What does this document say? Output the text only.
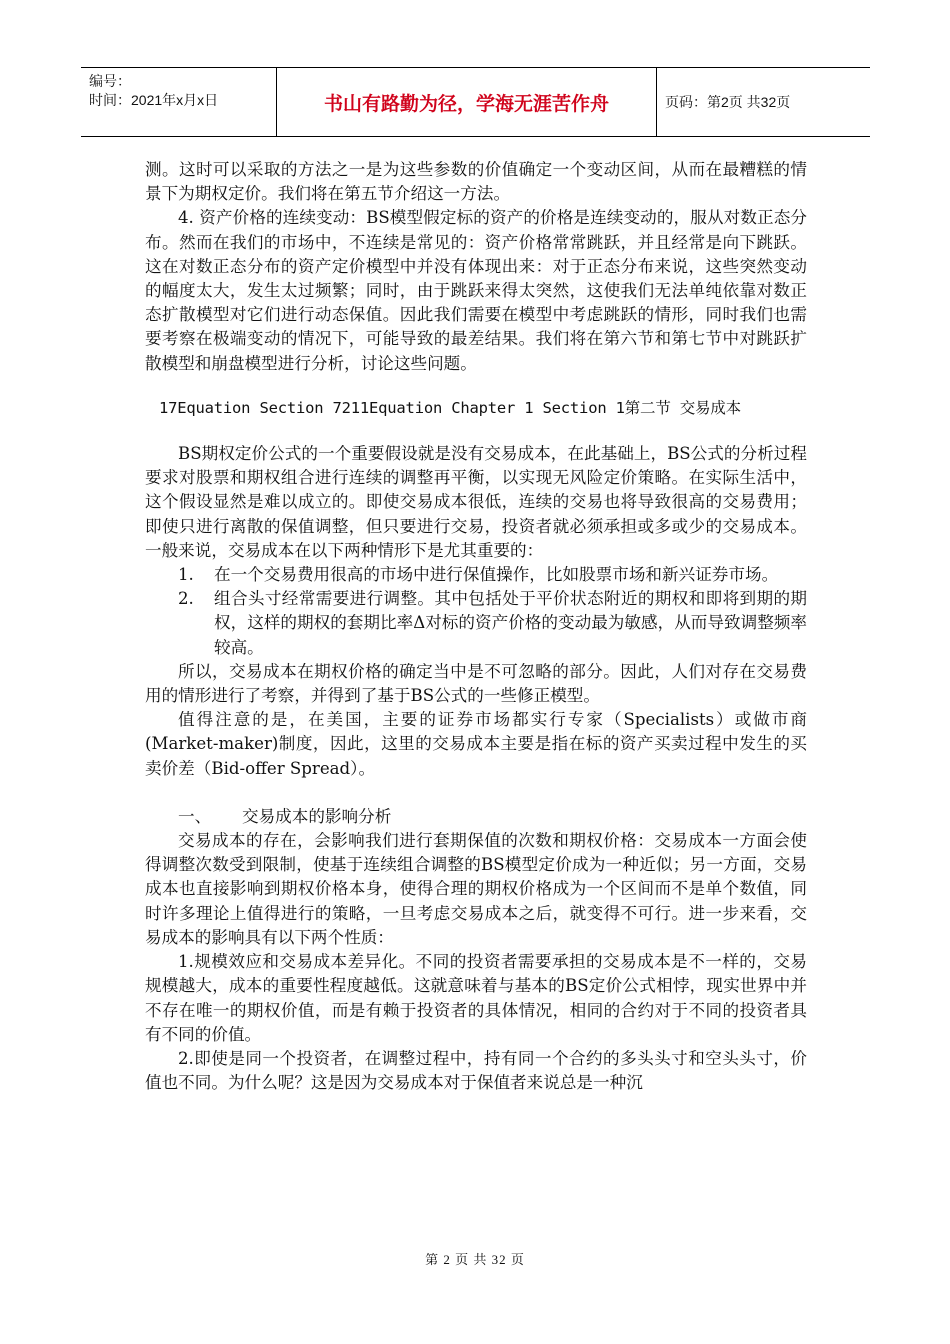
编号：
时间：2021年x月x日	书山有路勤为径，学海无涯苦作舟	页码：第2页 共32页

测。这时可以采取的方法之一是为这些参数的价值确定一个变动区间，从而在最糟糕的情景下为期权定价。我们将在第五节介绍这一方法。

4. 资产价格的连续变动：BS模型假定标的资产的价格是连续变动的，服从对数正态分布。然而在我们的市场中，不连续是常见的：资产价格常常跳跃，并且经常是向下跳跃。这在对数正态分布的资产定价模型中并没有体现出来：对于正态分布来说，这些突然变动的幅度太大，发生太过频繁；同时，由于跳跃来得太突然，这使我们无法单纯依靠对数正态扩散模型对它们进行动态保值。因此我们需要在模型中考虑跳跃的情形，同时我们也需要考察在极端变动的情况下，可能导致的最差结果。我们将在第六节和第七节中对跳跃扩散模型和崩盘模型进行分析，讨论这些问题。

17Equation Section 7211Equation Chapter 1 Section 1第二节 交易成本

BS期权定价公式的一个重要假设就是没有交易成本，在此基础上，BS公式的分析过程要求对股票和期权组合进行连续的调整再平衡，以实现无风险定价策略。在实际生活中，这个假设显然是难以成立的。即使交易成本很低，连续的交易也将导致很高的交易费用；即使只进行离散的保值调整，但只要进行交易，投资者就必须承担或多或少的交易成本。一般来说，交易成本在以下两种情形下是尤其重要的：

1.	在一个交易费用很高的市场中进行保值操作，比如股票市场和新兴证券市场。
2.	组合头寸经常需要进行调整。其中包括处于平价状态附近的期权和即将到期的期权，这样的期权的套期比率Δ对标的资产价格的变动最为敏感，从而导致调整频率较高。

所以，交易成本在期权价格的确定当中是不可忽略的部分。因此，人们对存在交易费用的情形进行了考察，并得到了基于BS公式的一些修正模型。

值得注意的是，在美国，主要的证券市场都实行专家（Specialists）或做市商(Market-maker)制度，因此，这里的交易成本主要是指在标的资产买卖过程中发生的买卖价差（Bid-offer Spread）。

一、 交易成本的影响分析

交易成本的存在，会影响我们进行套期保值的次数和期权价格：交易成本一方面会使得调整次数受到限制，使基于连续组合调整的BS模型定价成为一种近似；另一方面，交易成本也直接影响到期权价格本身，使得合理的期权价格成为一个区间而不是单个数值，同时许多理论上值得进行的策略，一旦考虑交易成本之后，就变得不可行。进一步来看，交易成本的影响具有以下两个性质：

1.规模效应和交易成本差异化。不同的投资者需要承担的交易成本是不一样的，交易规模越大，成本的重要性程度越低。这就意味着与基本的BS定价公式相悖，现实世界中并不存在唯一的期权价值，而是有赖于投资者的具体情况，相同的合约对于不同的投资者具有不同的价值。

2.即使是同一个投资者，在调整过程中，持有同一个合约的多头头寸和空头头寸，价值也不同。为什么呢？这是因为交易成本对于保值者来说总是一种沉

第 2 页 共 32 页
